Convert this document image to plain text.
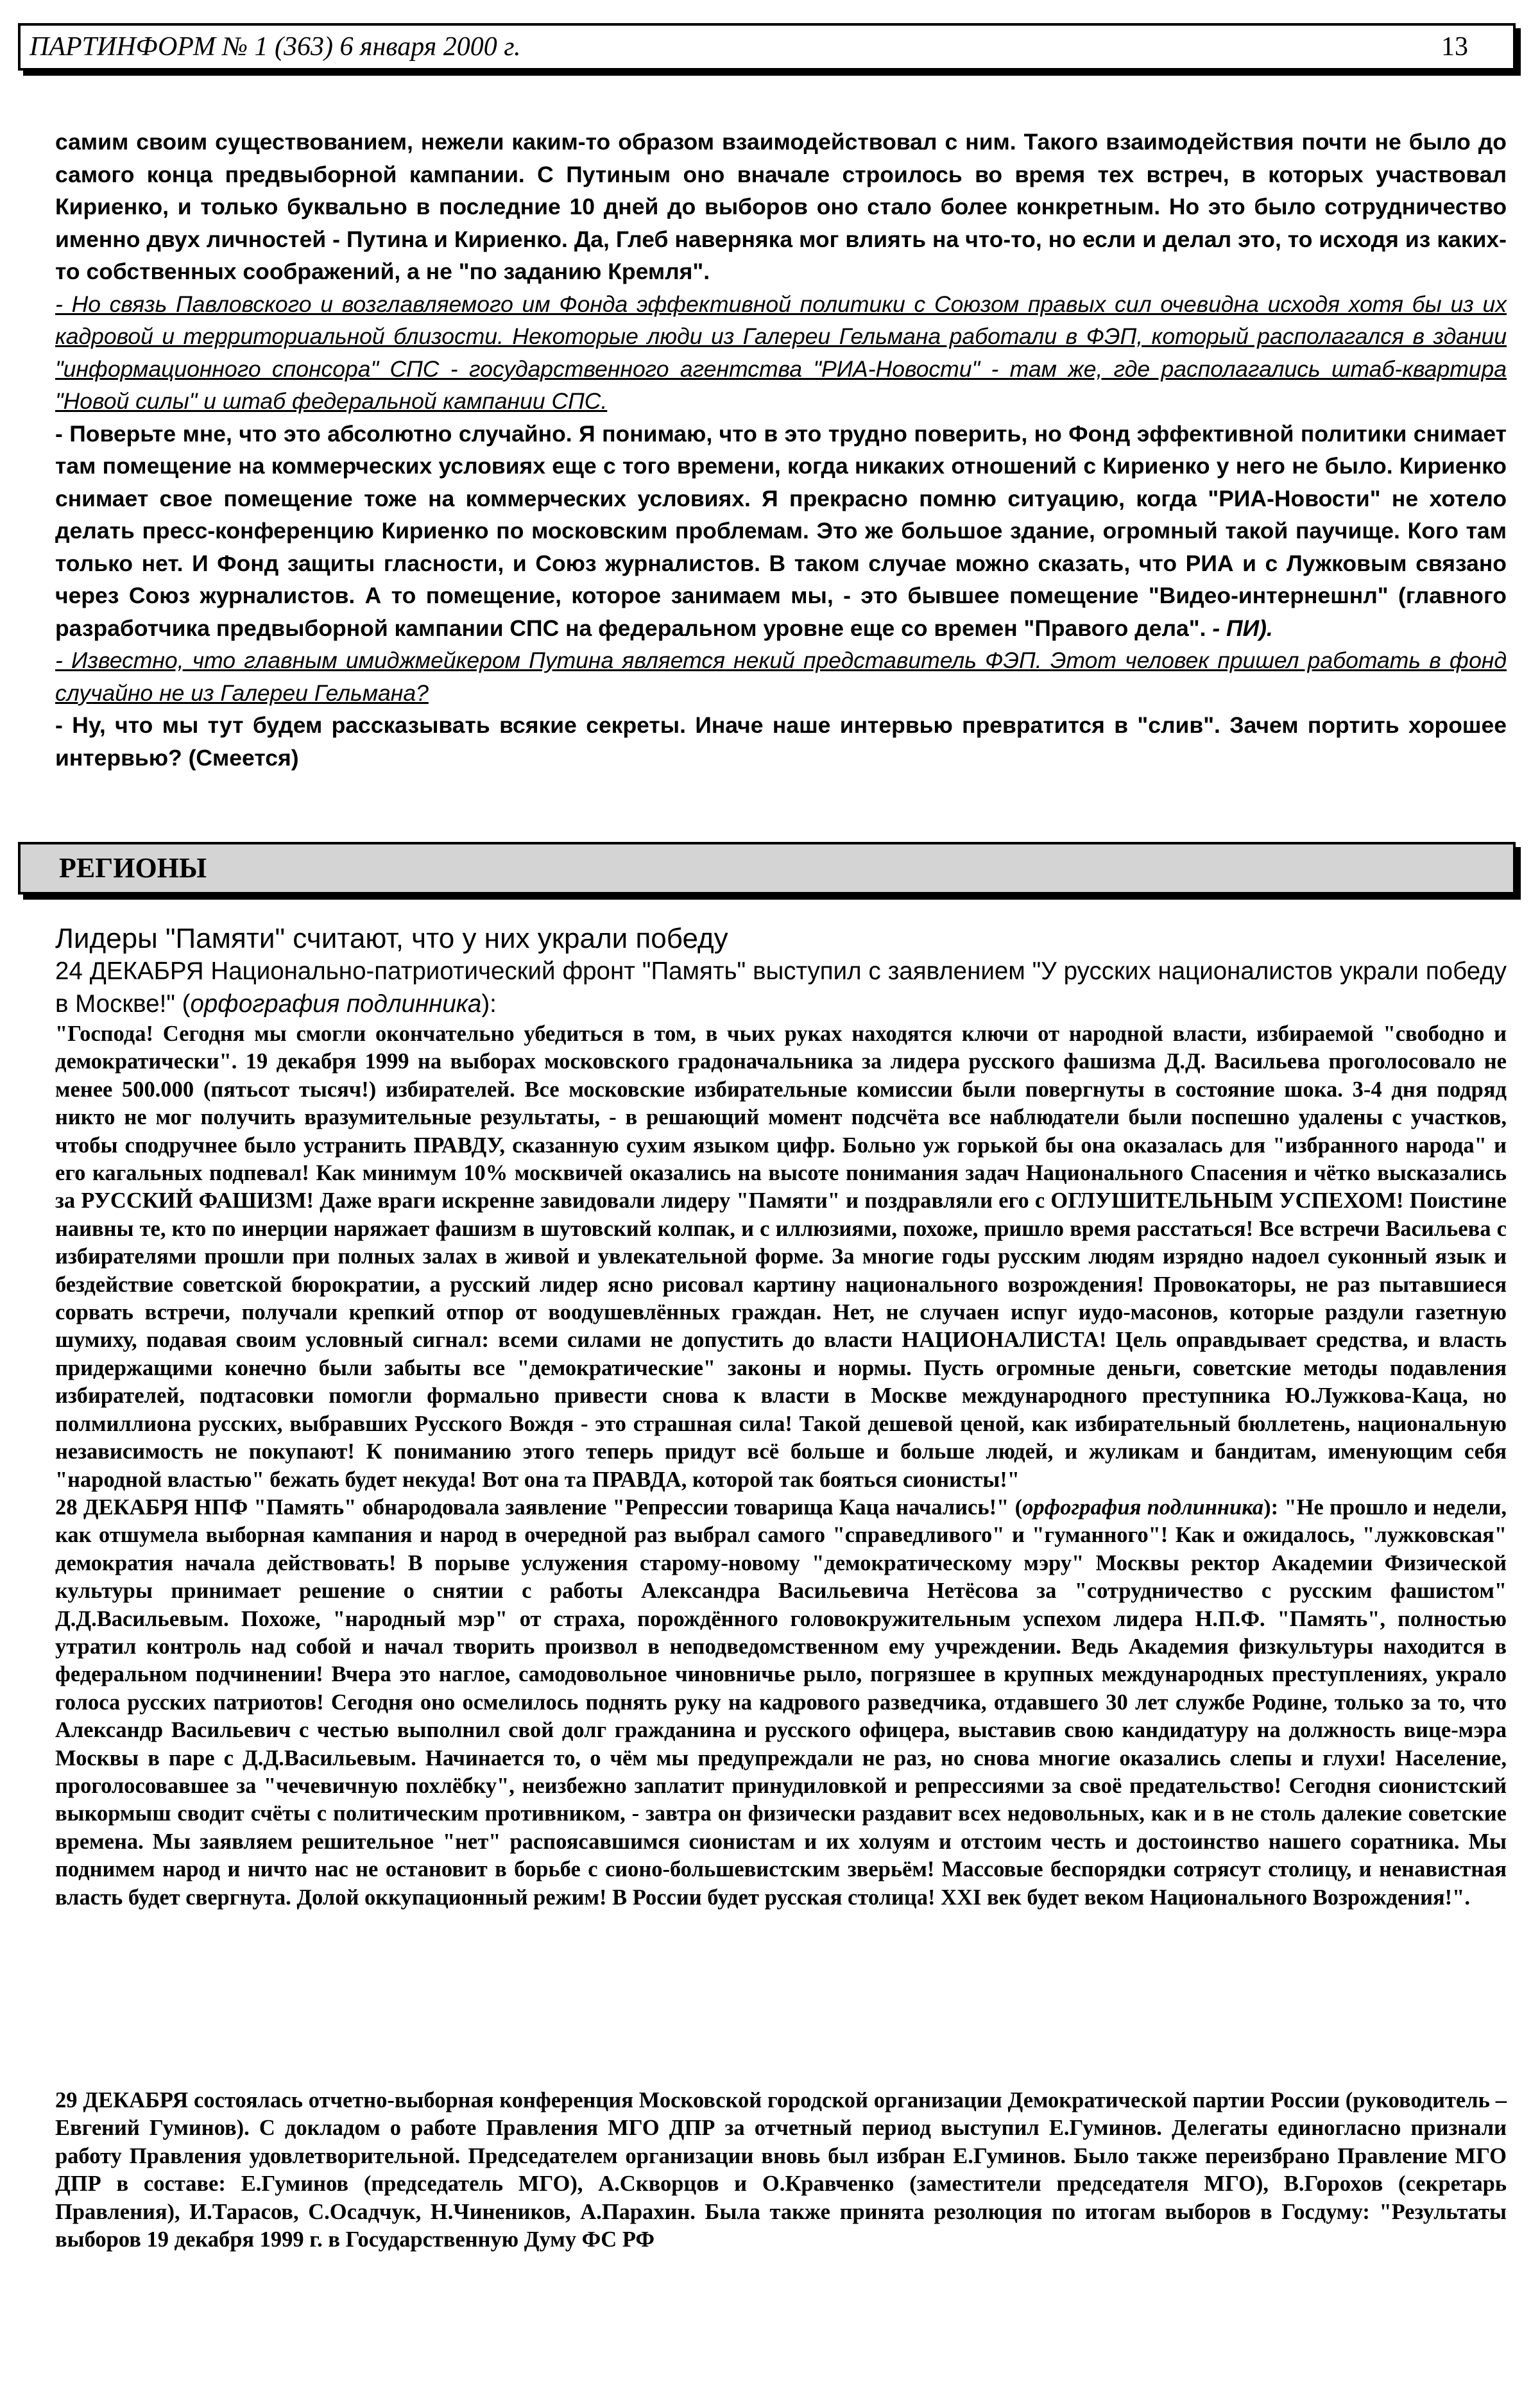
ПАРТИНФОРМ № 1 (363) 6 января 2000 г.	13

самим своим существованием, нежели каким-то образом взаимодействовал с ним. Такого взаимодействия почти не было до самого конца предвыборной кампании. С Путиным оно вначале строилось во время тех встреч, в которых участвовал Кириенко, и только буквально в последние 10 дней до выборов оно стало более конкретным. Но это было сотрудничество именно двух личностей - Путина и Кириенко. Да, Глеб наверняка мог влиять на что-то, но если и делал это, то исходя из каких-то собственных соображений, а не "по заданию Кремля".

- Но связь Павловского и возглавляемого им Фонда эффективной политики с Союзом правых сил очевидна исходя хотя бы из их кадровой и территориальной близости. Некоторые люди из Галереи Гельмана работали в ФЭП, который располагался в здании "информационного спонсора" СПС - государственного агентства "РИА-Новости" - там же, где располагались штаб-квартира "Новой силы" и штаб федеральной кампании СПС.

- Поверьте мне, что это абсолютно случайно. Я понимаю, что в это трудно поверить, но Фонд эффективной политики снимает там помещение на коммерческих условиях еще с того времени, когда никаких отношений с Кириенко у него не было. Кириенко снимает свое помещение тоже на коммерческих условиях. Я прекрасно помню ситуацию, когда "РИА-Новости" не хотело делать пресс-конференцию Кириенко по московским проблемам. Это же большое здание, огромный такой паучище. Кого там только нет. И Фонд защиты гласности, и Союз журналистов. В таком случае можно сказать, что РИА и с Лужковым связано через Союз журналистов. А то помещение, которое занимаем мы, - это бывшее помещение "Видео-интернешнл" (главного разработчика предвыборной кампании СПС на федеральном уровне еще со времен "Правого дела". - ПИ).

- Известно, что главным имиджмейкером Путина является некий представитель ФЭП. Этот человек пришел работать в фонд случайно не из Галереи Гельмана?

- Ну, что мы тут будем рассказывать всякие секреты. Иначе наше интервью превратится в "слив". Зачем портить хорошее интервью? (Смеется)

РЕГИОНЫ
Лидеры "Памяти" считают, что у них украли победу
24 ДЕКАБРЯ Национально-патриотический фронт "Память" выступил с заявлением "У русских националистов украли победу в Москве!" (орфография подлинника):

"Господа! Сегодня мы смогли окончательно убедиться в том, в чьих руках находятся ключи от народной власти, избираемой "свободно и демократически". 19 декабря 1999 на выборах московского градоначальника за лидера русского фашизма Д.Д. Васильева проголосовало не менее 500.000 (пятьсот тысяч!) избирателей. Все московские избирательные комиссии были повергнуты в состояние шока. 3-4 дня подряд никто не мог получить вразумительные результаты, - в решающий момент подсчёта все наблюдатели были поспешно удалены с участков, чтобы сподручнее было устранить ПРАВДУ, сказанную сухим языком цифр. Больно уж горькой бы она оказалась для "избранного народа" и его кагальных подпевал! Как минимум 10% москвичей оказались на высоте понимания задач Национального Спасения и чётко высказались за РУССКИЙ ФАШИЗМ! Даже враги искренне завидовали лидеру "Памяти" и поздравляли его с ОГЛУШИТЕЛЬНЫМ УСПЕХОМ! Поистине наивны те, кто по инерции наряжает фашизм в шутовский колпак, и с иллюзиями, похоже, пришло время расстаться! Все встречи Васильева с избирателями прошли при полных залах в живой и увлекательной форме. За многие годы русским людям изрядно надоел суконный язык и бездействие советской бюрократии, а русский лидер ясно рисовал картину национального возрождения! Провокаторы, не раз пытавшиеся сорвать встречи, получали крепкий отпор от воодушевлённых граждан. Нет, не случаен испуг иудо-масонов, которые раздули газетную шумиху, подавая своим условный сигнал: всеми силами не допустить до власти НАЦИОНАЛИСТА! Цель оправдывает средства, и власть придержащими конечно были забыты все "демократические" законы и нормы. Пусть огромные деньги, советские методы подавления избирателей, подтасовки помогли формально привести снова к власти в Москве международного преступника Ю.Лужкова-Каца, но полмиллиона русских, выбравших Русского Вождя - это страшная сила! Такой дешевой ценой, как избирательный бюллетень, национальную независимость не покупают! К пониманию этого теперь придут всё больше и больше людей, и жуликам и бандитам, именующим себя "народной властью" бежать будет некуда! Вот она та ПРАВДА, которой так бояться сионисты!"

28 ДЕКАБРЯ НПФ "Память" обнародовала заявление "Репрессии товарища Каца начались!" (орфография подлинника): "Не прошло и недели, как отшумела выборная кампания и народ в очередной раз выбрал самого "справедливого" и "гуманного"! Как и ожидалось, "лужковская" демократия начала действовать! В порыве услужения старому-новому "демократическому мэру" Москвы ректор Академии Физической культуры принимает решение о снятии с работы Александра Васильевича Нетёсова за "сотрудничество с русским фашистом" Д.Д.Васильевым. Похоже, "народный мэр" от страха, порождённого головокружительным успехом лидера Н.П.Ф. "Память", полностью утратил контроль над собой и начал творить произвол в неподведомственном ему учреждении. Ведь Академия физкультуры находится в федеральном подчинении! Вчера это наглое, самодовольное чиновничье рыло, погрязшее в крупных международных преступлениях, украло голоса русских патриотов! Сегодня оно осмелилось поднять руку на кадрового разведчика, отдавшего 30 лет службе Родине, только за то, что Александр Васильевич с честью выполнил свой долг гражданина и русского офицера, выставив свою кандидатуру на должность вице-мэра Москвы в паре с Д.Д.Васильевым. Начинается то, о чём мы предупреждали не раз, но снова многие оказались слепы и глухи! Население, проголосовавшее за "чечевичную похлёбку", неизбежно заплатит принудиловкой и репрессиями за своё предательство! Сегодня сионистский выкормыш сводит счёты с политическим противником, - завтра он физически раздавит всех недовольных, как и в не столь далекие советские времена. Мы заявляем решительное "нет" распоясавшимся сионистам и их холуям и отстоим честь и достоинство нашего соратника. Мы поднимем народ и ничто нас не остановит в борьбе с сионо-большевистским зверьём! Массовые беспорядки сотрясут столицу, и ненавистная власть будет свергнута. Долой оккупационный режим! В России будет русская столица! XXI век будет веком Национального Возрождения!".

29 ДЕКАБРЯ состоялась отчетно-выборная конференция Московской городской организации Демократической партии России (руководитель – Евгений Гуминов). С докладом о работе Правления МГО ДПР за отчетный период выступил Е.Гуминов. Делегаты единогласно признали работу Правления удовлетворительной. Председателем организации вновь был избран Е.Гуминов. Было также переизбрано Правление МГО ДПР в составе: Е.Гуминов (председатель МГО), А.Скворцов и О.Кравченко (заместители председателя МГО), В.Горохов (секретарь Правления), И.Тарасов, С.Осадчук, Н.Чинеников, А.Парахин. Была также принята резолюция по итогам выборов в Госдуму: "Результаты выборов 19 декабря 1999 г. в Государственную Думу ФС РФ
